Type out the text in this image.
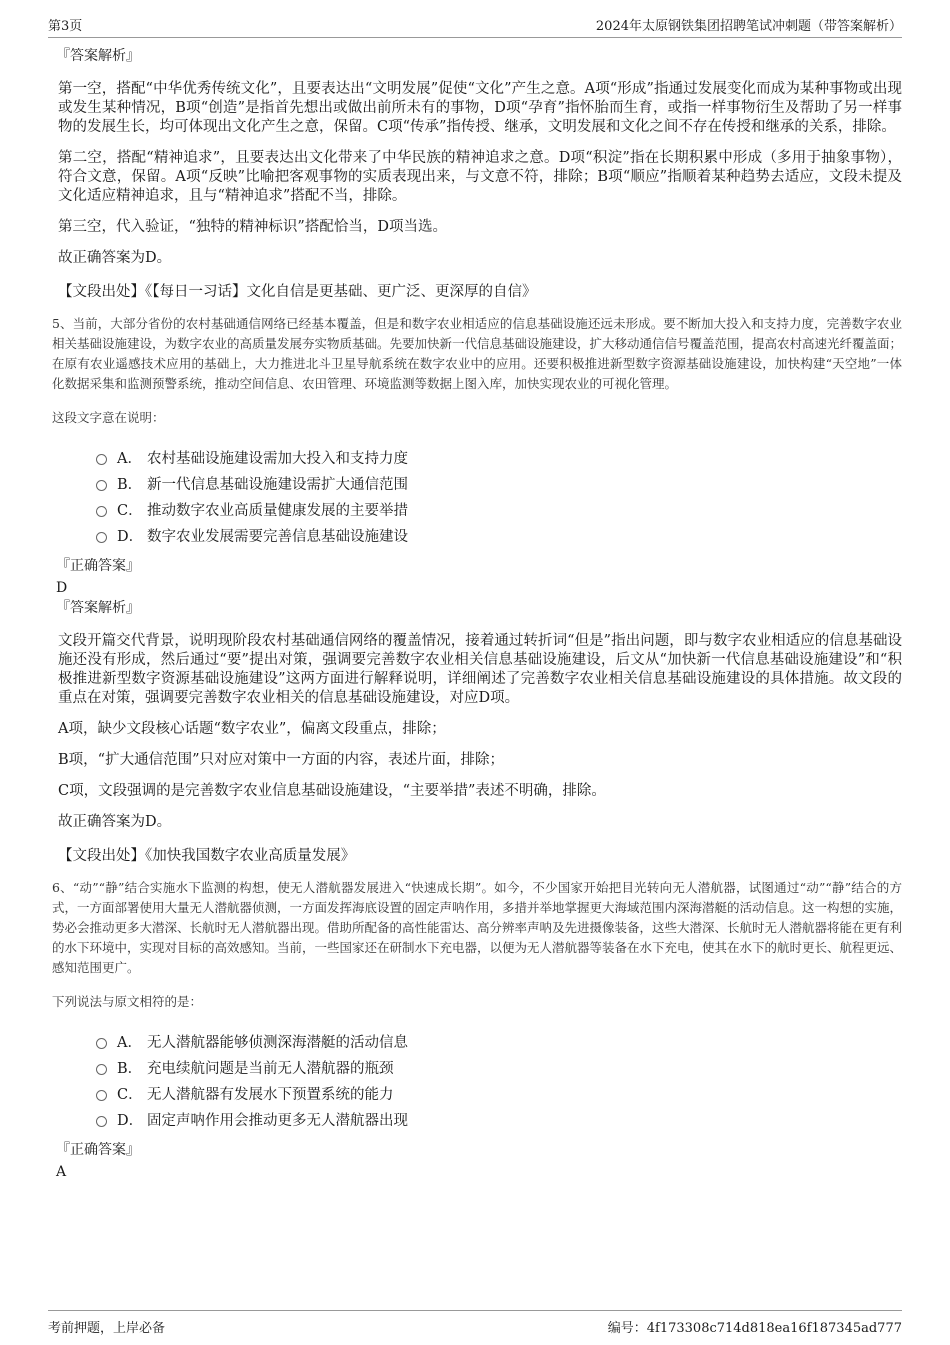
第3页	2024年太原钢铁集团招聘笔试冲刺题（带答案解析）
『答案解析』

第一空，搭配“中华优秀传统文化”，且要表达出“文明发展”促使“文化”产生之意。A项“形成”指通过发展变化而成为某种事物或出现或发生某种情况，B项“创造”是指首先想出或做出前所未有的事物，D项“孕育”指怀胎而生育，或指一样事物衍生及帮助了另一样事物的发展生长，均可体现出文化产生之意，保留。C项“传承”指传授、继承，文明发展和文化之间不存在传授和继承的关系，排除。

第二空，搭配“精神追求”，且要表达出文化带来了中华民族的精神追求之意。D项“积淀”指在长期积累中形成（多用于抽象事物），符合文意，保留。A项“反映”比喻把客观事物的实质表现出来，与文意不符，排除；B项“顺应”指顺着某种趋势去适应，文段未提及文化适应精神追求，且与“精神追求”搭配不当，排除。

第三空，代入验证，“独特的精神标识”搭配恰当，D项当选。

故正确答案为D。

【文段出处】《【每日一习话】文化自信是更基础、更广泛、更深厚的自信》
5、当前，大部分省份的农村基础通信网络已经基本覆盖，但是和数字农业相适应的信息基础设施还远未形成。要不断加大投入和支持力度，完善数字农业相关基础设施建设，为数字农业的高质量发展夯实物质基础。先要加快新一代信息基础设施建设，扩大移动通信信号覆盖范围，提高农村高速光纤覆盖面；在原有农业遥感技术应用的基础上，大力推进北斗卫星导航系统在数字农业中的应用。还要积极推进新型数字资源基础设施建设，加快构建“天空地”一体化数据采集和监测预警系统，推动空间信息、农田管理、环境监测等数据上图入库，加快实现农业的可视化管理。
这段文字意在说明：
A． 农村基础设施建设需加大投入和支持力度
B． 新一代信息基础设施建设需扩大通信范围
C． 推动数字农业高质量健康发展的主要举措
D． 数字农业发展需要完善信息基础设施建设
『正确答案』
D
『答案解析』

文段开篇交代背景，说明现阶段农村基础通信网络的覆盖情况，接着通过转折词“但是”指出问题，即与数字农业相适应的信息基础设施还没有形成，然后通过“要”提出对策，强调要完善数字农业相关信息基础设施建设，后文从“加快新一代信息基础设施建设”和“积极推进新型数字资源基础设施建设”这两方面进行解释说明，详细阐述了完善数字农业相关信息基础设施建设的具体措施。故文段的重点在对策，强调要完善数字农业相关的信息基础设施建设，对应D项。

A项，缺少文段核心话题“数字农业”，偏离文段重点，排除；

B项，“扩大通信范围”只对应对策中一方面的内容，表述片面，排除；

C项，文段强调的是完善数字农业信息基础设施建设，“主要举措”表述不明确，排除。

故正确答案为D。

【文段出处】《加快我国数字农业高质量发展》
6、“动”“静”结合实施水下监测的构想，使无人潜航器发展进入“快速成长期”。如今，不少国家开始把目光转向无人潜航器，试图通过“动”“静”结合的方式，一方面部署使用大量无人潜航器侦测，一方面发挥海底设置的固定声呐作用，多措并举地掌握更大海域范围内深海潜艇的活动信息。这一构想的实施，势必会推动更多大潜深、长航时无人潜航器出现。借助所配备的高性能雷达、高分辨率声呐及先进摄像装备，这些大潜深、长航时无人潜航器将能在更有利的水下环境中，实现对目标的高效感知。当前，一些国家还在研制水下充电器，以便为无人潜航器等装备在水下充电，使其在水下的航时更长、航程更远、感知范围更广。
下列说法与原文相符的是：
A． 无人潜航器能够侦测深海潜艇的活动信息
B． 充电续航问题是当前无人潜航器的瓶颈
C． 无人潜航器有发展水下预置系统的能力
D． 固定声呐作用会推动更多无人潜航器出现
『正确答案』
A
考前押题，上岸必备	编号：4f173308c714d818ea16f187345ad777
